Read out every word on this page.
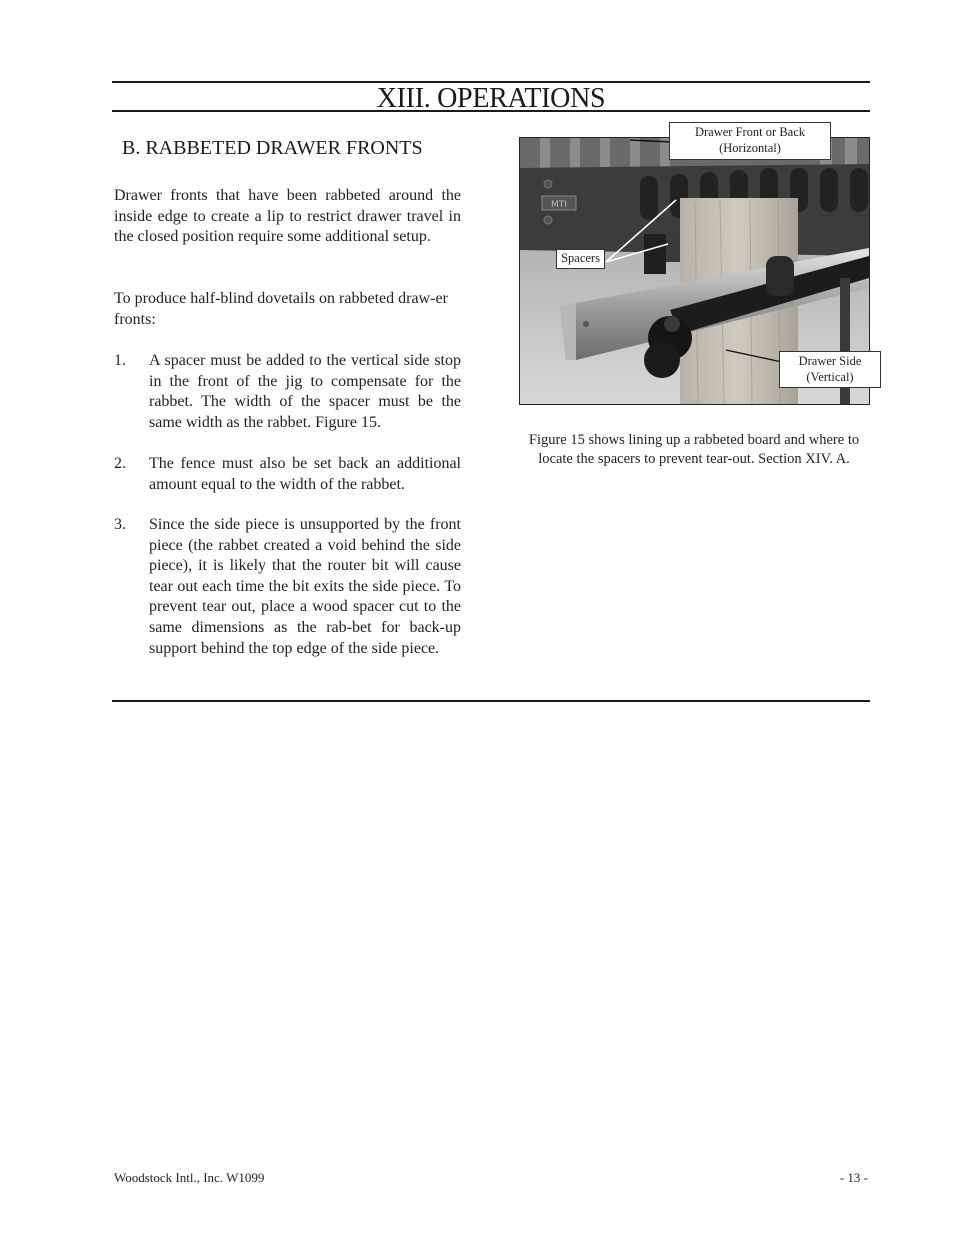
XIII. OPERATIONS
B. RABBETED DRAWER FRONTS

Drawer fronts that have been rabbeted around the inside edge to create a lip to restrict drawer travel in the closed position require some additional setup.

To produce half-blind dovetails on rabbeted draw-er fronts:

1. A spacer must be added to the vertical side stop in the front of the jig to compensate for the rabbet. The width of the spacer must be the same width as the rabbet. Figure 15.
2. The fence must also be set back an additional amount equal to the width of the rabbet.
3. Since the side piece is unsupported by the front piece (the rabbet created a void behind the side piece), it is likely that the router bit will cause tear out each time the bit exits the side piece. To prevent tear out, place a wood spacer cut to the same dimensions as the rab-bet for back-up support behind the top edge of the side piece.
MTI
Drawer Front or Back
(Horizontal)
Spacers
Drawer Side
(Vertical)
Figure 15 shows lining up a rabbeted board and where to locate the spacers to prevent tear-out. Section XIV. A.
Woodstock Intl., Inc. W1099	- 13 -
